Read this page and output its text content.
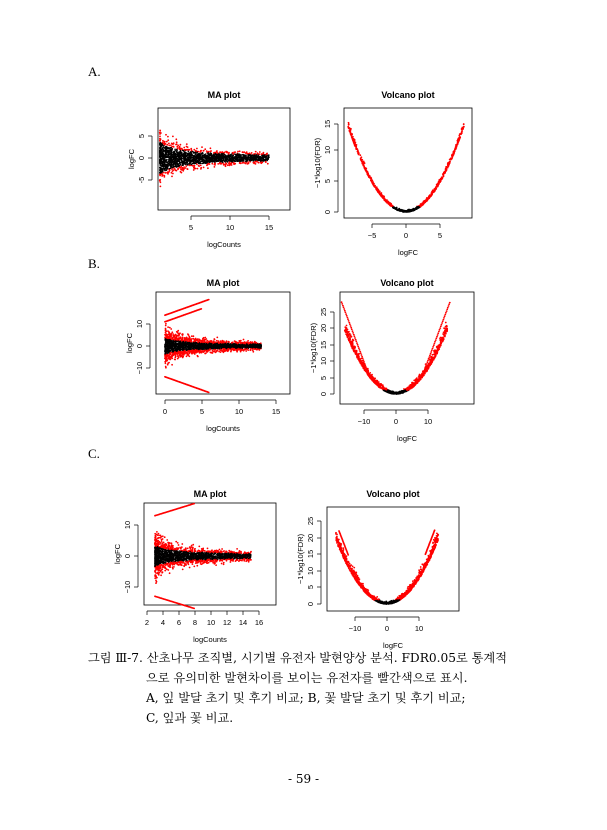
A.
B.
C.
MA plot
logCounts
logFC
5	10	15
5
0
-5
Volcano plot
logFC
−1*log10(FDR)
−5	0	5
15
10
5
0
MA plot
logCounts
logFC
0	5	10	15
10
0
−10
Volcano plot
logFC
−1*log10(FDR)
−10	0	10
25
20
15
10
5
0
MA plot
logCounts
logFC
2 4 6 8 10 12 14 16
10
0
−10
Volcano plot
logFC
−1*log10(FDR)
−10	0	10
25
20
15
10
5
0
그림 Ⅲ-7. 산초나무 조직별, 시기별 유전자 발현양상 분석. FDR0.05로 통계적
으로 유의미한 발현차이를 보이는 유전자를 빨간색으로 표시.
A, 잎 발달 초기 및 후기 비교; B, 꽃 발달 초기 및 후기 비교;
C, 잎과 꽃 비교.
- 59 -
